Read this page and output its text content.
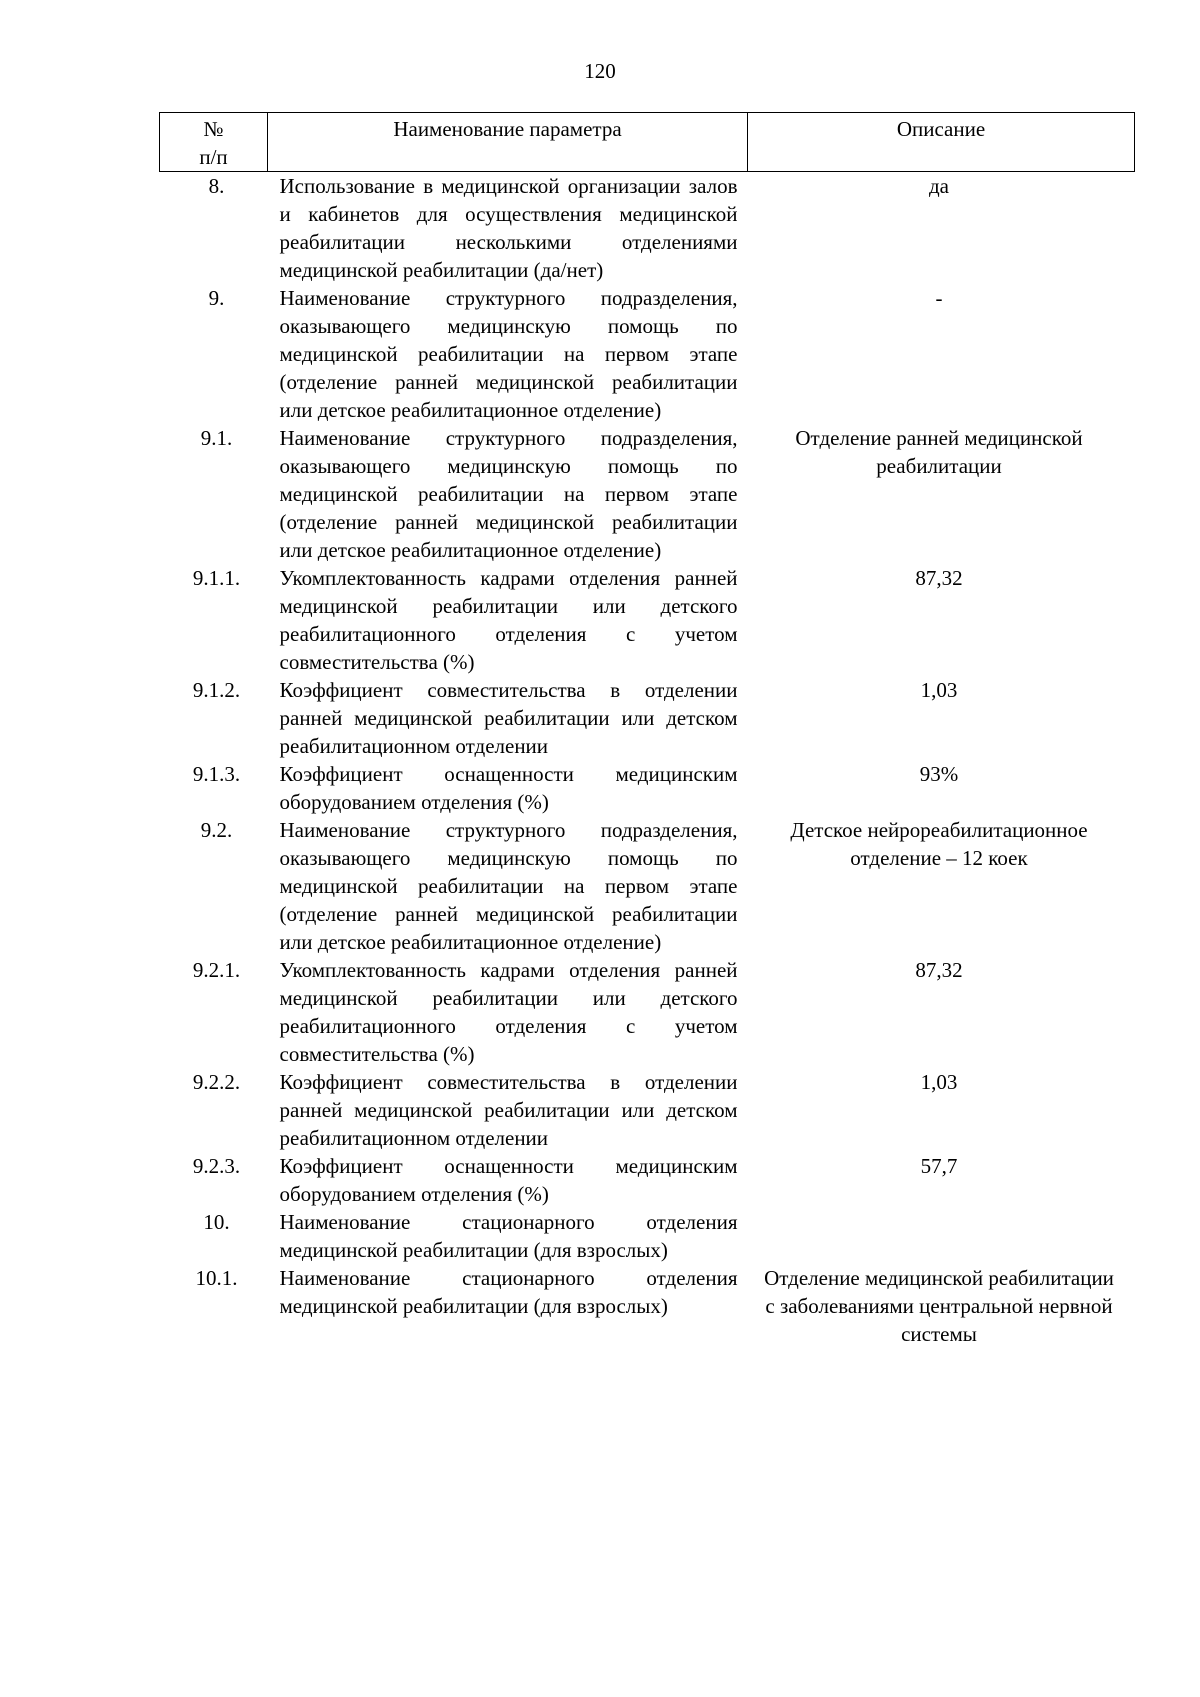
120
№
п/п	Наименование параметра	Описание
8.	Использование в медицинской организации залов и кабинетов для осуществления медицинской реабилитации несколькими отделениями медицинской реабилитации (да/нет)	да
9.	Наименование структурного подразделения, оказывающего медицинскую помощь по медицинской реабилитации на первом этапе (отделение ранней медицинской реабилитации или детское реабилитационное отделение)	-
9.1.	Наименование структурного подразделения, оказывающего медицинскую помощь по медицинской реабилитации на первом этапе (отделение ранней медицинской реабилитации или детское реабилитационное отделение)	Отделение ранней медицинской реабилитации
9.1.1.	Укомплектованность кадрами отделения ранней медицинской реабилитации или детского реабилитационного отделения с учетом совместительства (%)	87,32
9.1.2.	Коэффициент совместительства в отделении ранней медицинской реабилитации или детском реабилитационном отделении	1,03
9.1.3.	Коэффициент оснащенности медицинским оборудованием отделения (%)	93%
9.2.	Наименование структурного подразделения, оказывающего медицинскую помощь по медицинской реабилитации на первом этапе (отделение ранней медицинской реабилитации или детское реабилитационное отделение)	Детское нейрореабилитационное отделение – 12 коек
9.2.1.	Укомплектованность кадрами отделения ранней медицинской реабилитации или детского реабилитационного отделения с учетом совместительства (%)	87,32
9.2.2.	Коэффициент совместительства в отделении ранней медицинской реабилитации или детском реабилитационном отделении	1,03
9.2.3.	Коэффициент оснащенности медицинским оборудованием отделения (%)	57,7
10.	Наименование стационарного отделения медицинской реабилитации (для взрослых)	
10.1.	Наименование стационарного отделения медицинской реабилитации (для взрослых)	Отделение медицинской реабилитации с заболеваниями центральной нервной системы
